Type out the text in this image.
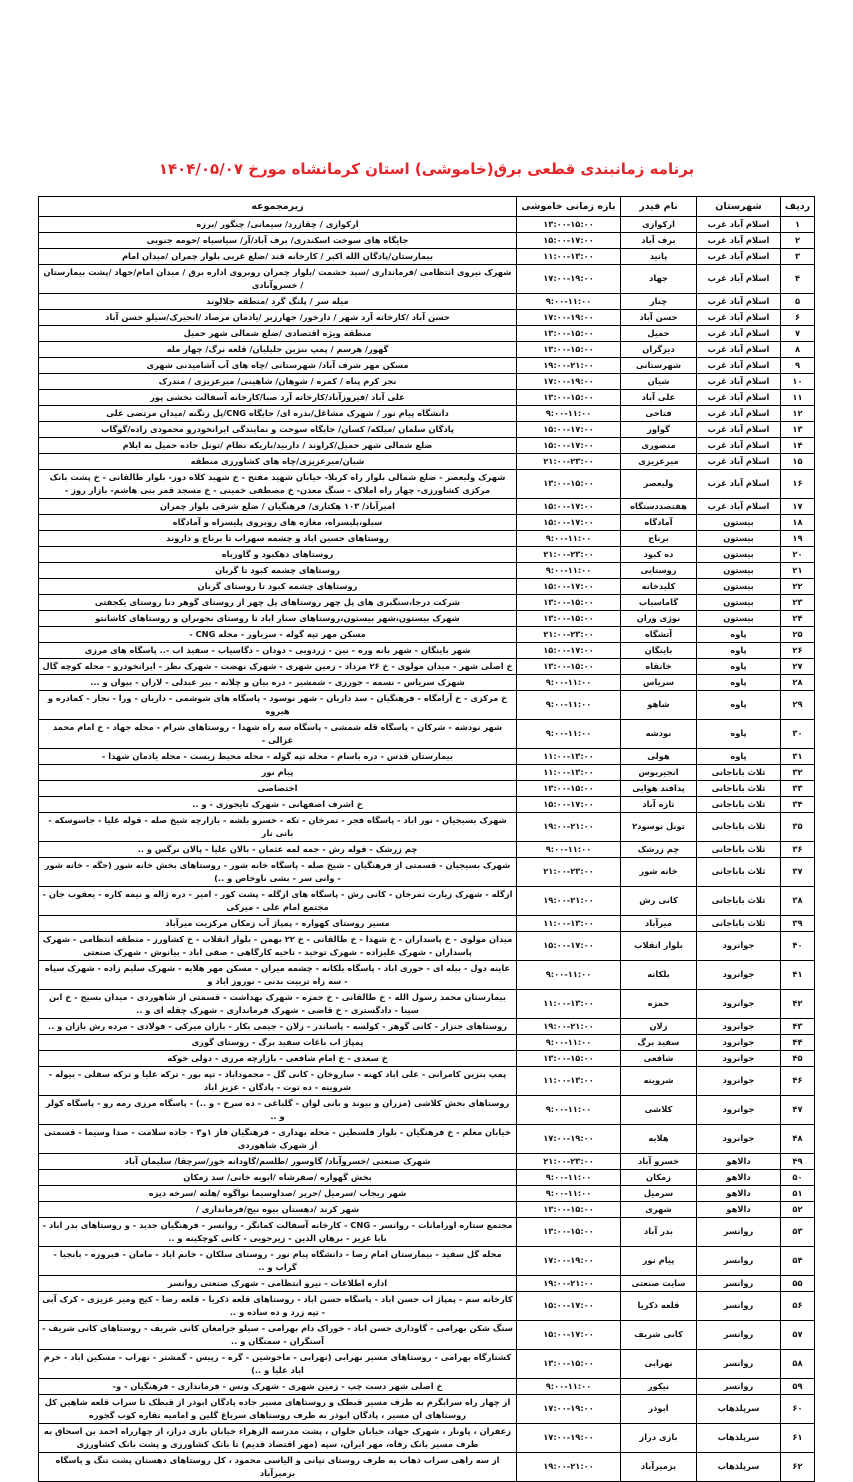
برنامه زمانبندی قطعی برق(خاموشی) استان کرمانشاه مورخ ۱۴۰۴/۰۵/۰۷
ردیف	شهرستان	نام فیدر	بازه زمانی خاموشی	زیرمجموعه
۱	اسلام آباد غرب	ارکوازی	۱۳:۰۰-۱۵:۰۰	ارکوازی / چقازرد/ سیمانی/ چنگور /برزه
۲	اسلام آباد غرب	برف آباد	۱۵:۰۰-۱۷:۰۰	جایگاه های سوخت اسکندری/ برف آباد/آر/ سیاسیاه /حومه جنوبی
۳	اسلام آباد غرب	پانید	۱۱:۰۰-۱۳:۰۰	بیمارستان/پادگان الله اکبر / کارخانه قند /ضلع غربی بلوار چمران /میدان امام
۴	اسلام آباد غرب	جهاد	۱۷:۰۰-۱۹:۰۰	شهرک نیروی انتظامی /فرمانداری /سید حشمت /بلوار چمران روبروی اداره برق / میدان امام/جهاد /پشت بیمارستان / خسروآبادی
۵	اسلام آباد غرب	چنار	۹:۰۰-۱۱:۰۰	میله سر / پلنگ گرد /منطقه جلالوند
۶	اسلام آباد غرب	حسن آباد	۱۷:۰۰-۱۹:۰۰	حسن آباد /کارخانه آرد شهر / دارخور/ جهارزبر /یادمان مرصاد /انجیرک/سیلو حسن آباد
۷	اسلام آباد غرب	حمیل	۱۳:۰۰-۱۵:۰۰	منطقه ویژه اقتصادی /ضلع شمالی شهر حمیل
۸	اسلام آباد غرب	دیزگران	۱۳:۰۰-۱۵:۰۰	گهور/ هرسم / پمپ بنزین جلیلیان/ قلعه نرگ/ چهار مله
۹	اسلام آباد غرب	شهرستانی	۱۹:۰۰-۲۱:۰۰	مسکن مهر شرف آباد/ شهرستانی /چاه های آب آشامیدنی شهری
۱۰	اسلام آباد غرب	شیان	۱۷:۰۰-۱۹:۰۰	نجر کرم پناه / کمره / شوهان/ شاهینی/ میرعزیزی / مندرک
۱۱	اسلام آباد غرب	علی آباد	۱۳:۰۰-۱۵:۰۰	علی آباد /فیروزآباد/کارخانه آرد صبا/کارخانه آسفالت بخشی پور
۱۲	اسلام آباد غرب	فتاحی	۹:۰۰-۱۱:۰۰	دانشگاه پیام نور / شهرک مشاغل/بدره ای/ جایگاه CNG/پل زنگنه /میدان مرتضی علی
۱۳	اسلام آباد غرب	گواور	۱۵:۰۰-۱۷:۰۰	پادگان سلمان /میلکه/ کسان/ جایگاه سوخت و نمایندگی ایرانخودرو محمودی زاده/گوگاب
۱۴	اسلام آباد غرب	منصوری	۱۵:۰۰-۱۷:۰۰	ضلع شمالی شهر حمیل/کراوند / داربید/باریکه نظام /تونل جاده حمیل به ایلام
۱۵	اسلام آباد غرب	میرعزیزی	۲۱:۰۰-۲۳:۰۰	شیان/میرعزیزی/چاه های کشاورزی منطقه
۱۶	اسلام آباد غرب	ولیعصر	۱۳:۰۰-۱۵:۰۰	شهرک ولیعصر - ضلع شمالی بلوار راه کربلا- خیابان شهید مفتح - خ شهید کلاه دوز- بلوار طالقانی - خ پشت بانک مرکزی کشاورزی- چهار راه املاک - سنگ معدن- خ مصطفی خمینی - خ مسجد قمر بنی هاشم- بازار روز -
۱۷	اسلام آباد غرب	هفتصددستگاه	۱۵:۰۰-۱۷:۰۰	امیرآباد/ ۱۰۳ هکتاری/ فرهنگیان / ضلع شرقی بلوار چمران
۱۸	بیستون	آمادگاه	۱۵:۰۰-۱۷:۰۰	سیلو،پلیسراه، مغازه های روبروی پلیسراه و آمادگاه
۱۹	بیستون	برناج	۹:۰۰-۱۱:۰۰	روستاهای حسین اباد و چشمه سهراب تا برناج و داروند
۲۰	بیستون	ده کبود	۲۱:۰۰-۲۳:۰۰	روستاهای دهکبود و گاورباه
۲۱	بیستون	روستایی	۹:۰۰-۱۱:۰۰	روستاهای چشمه کبود تا گربان
۲۲	بیستون	کلیدخانه	۱۵:۰۰-۱۷:۰۰	روستاهای چشمه کبود تا روستای گربان
۲۳	بیستون	گاماسیاب	۱۳:۰۰-۱۵:۰۰	شرکت درجا،سنگبری های پل چهر روستاهای پل چهر از روستای گوهر دنا روستای یکجفتی
۲۴	بیستون	نوژی وران	۱۳:۰۰-۱۵:۰۰	شهرک بیستون،شهر بیستون،روستاهای سنار اباد تا روستای نجوبران و روستاهای کاشانتو
۲۵	پاوه	آتشگاه	۲۱:۰۰-۲۳:۰۰	مسکن مهر تپه گوله - سرباور - محله CNG -
۲۶	پاوه	باینگان	۱۵:۰۰-۱۷:۰۰	شهر باینگان - شهر بانه وره - نین - زردویی - دودان - دگاسیاب - سفید اب -.. پاسگاه های مرزی
۲۷	پاوه	خانقاه	۱۳:۰۰-۱۵:۰۰	خ اصلی شهر - میدان مولوی - خ ۲۶ مرداد - زمین شهری - شهرک نهضت - شهرک نظر - ایرانخودرو - محله کوچه گال
۲۸	پاوه	سریاس	۹:۰۰-۱۱:۰۰	شهرک سریاس - نسمه - جورزی - شمشیر - دره بیان و چلانه - بیر عبدلی - لاران - بیوان و ...
۲۹	پاوه	شاهو	۹:۰۰-۱۱:۰۰	خ مرکزی - خ آرامگاه - فرهنگیان - سد داریان - شهر نوسود - پاسگاه های شوشمی - داریان - ورا - نجار - کمادره و هیروه
۳۰	پاوه	نودشه	۹:۰۰-۱۱:۰۰	شهر نودشه - شرکان - پاسگاه قله شمشی - پاسگاه سه راه شهدا - روستاهای شرام - محله جهاد - خ امام محمد غزالی -
۳۱	پاوه	هولی	۱۱:۰۰-۱۳:۰۰	بیمارستان قدس - دره باسام - محله تپه گوله - محله محیط زیست - محله یادمان شهدا -
۳۲	ثلاث باباجانی	انجیربوس	۱۱:۰۰-۱۳:۰۰	پیام نور
۳۳	ثلاث باباجانی	پدافند هوایی	۱۳:۰۰-۱۵:۰۰	اختصاصی
۳۴	ثلاث باباجانی	تازه آباد	۱۵:۰۰-۱۷:۰۰	خ اشرف اصفهانی - شهرک تایجوزی - و ..
۳۵	ثلاث باباجانی	تونل نوسود۲	۱۹:۰۰-۲۱:۰۰	شهرک بسیجیان - نور اباد - پاسگاه فجر - تمرخان - تکه - خسرو بلشه - بازارچه شیخ صله - قوله علیا - جاسوسکه - بانی نار
۳۶	ثلاث باباجانی	چم زرشک	۹:۰۰-۱۱:۰۰	چم زرشک - قوله رش - جمه لمه عثمان - بالان علیا - پالان نرگس و ..
۳۷	ثلاث باباجانی	خانه شور	۲۱:۰۰-۲۳:۰۰	شهرک بسیجیان - قسمتی از فرهنگیان - شیخ صله - پاسگاه خانه شور - روستاهای بخش خانه شور (جگه - خانه شور - وانی سر - بشی ناوخاص و ..)
۳۸	ثلاث باباجانی	کانی رش	۱۹:۰۰-۲۱:۰۰	ازگله - شهرک زیارت تمرخان - کانی رش - پاسگاه های ازگله - پشت کور - امیر - دره ژاله و نیمه کاره - یعقوب جان - مجتمع امام علی - میرکی
۳۹	ثلاث باباجانی	میرآباد	۱۱:۰۰-۱۳:۰۰	مسیر روستای کهواره - پمپاژ آب زمکان مرکزیت میرآباد
۴۰	جوانرود	بلوار انقلاب	۱۵:۰۰-۱۷:۰۰	میدان مولوی - خ پاسداران - خ شهدا - خ طالقانی - خ ۲۲ بهمن - بلوار انقلاب - خ کشاورز - منطقه انتظامی - شهرک پاسداران - شهرک علیزاده - شهرک توحید - ناحیه کارگاهی - صفی اباد - بیانوش - شهرک صنعتی
۴۱	جوانرود	بلکانه	۹:۰۰-۱۱:۰۰	عاینه دول - بیله ای - حوری اباد - پاسگاه بلکانه - چشمه میران - مسکن مهر هلایه - شهرک سلیم زاده - شهرک سپاه - سه راه تربیت بدنی - نوروز اباد و
۴۲	جوانرود	حمزه	۱۱:۰۰-۱۳:۰۰	بیمارستان محمد رسول الله - خ طالقانی - خ حمزه - شهرک بهداشت - قسمتی از شاهوردی - میدان بسیج - خ ابن سینا - دادگستری - خ قاضی - شهرک فرمانداری - شهرک چقله ای و ..
۴۳	جوانرود	زلان	۱۹:۰۰-۲۱:۰۰	روستاهای جنزار - کانی گوهر - کولسه - پاساندر - زلان - جیمی بکار - بازان میرکی - فولادی - مرده رش بازان و ..
۴۴	جوانرود	سفید برگ	۹:۰۰-۱۱:۰۰	پمپاژ اب باغات سفید برگ - روستای گوری
۴۵	جوانرود	شافعی	۱۳:۰۰-۱۵:۰۰	خ سعدی - خ امام شافعی - بازارچه مرزی - دولی خوکه
۴۶	جوانرود	شروینه	۱۱:۰۰-۱۳:۰۰	پمپ بنزین کامرانی - علی اباد کهنه - ساروخان - کانی گل - محموداباد - تپه بور - ترکه علیا و ترکه سفلی - بیوله - شروینه - ده توت - پادگان - عزیز اباد
۴۷	جوانرود	کلاشی	۹:۰۰-۱۱:۰۰	روستاهای بخش کلاشی (مزران و بیوند و بانی لوان - گلباغی - ده سرخ - و ..) - پاسگاه مرزی رمه رو - پاسگاه کولر و ..
۴۸	جوانرود	هلایه	۱۷:۰۰-۱۹:۰۰	خیابان معلم - خ فرهنگیان - بلوار فلسطین - محله بهداری - فرهنگیان فاز ۱و۳ - جاده سلامت - صدا وسیما - قسمتی از شهرک شاهوردی
۴۹	دالاهو	خسرو آباد	۲۱:۰۰-۲۳:۰۰	شهرک صنعتی /خسروآباد/ گاوسور /طلسم/گاودانه خور/سرچقا/ سلیمان آباد
۵۰	دالاهو	زمکان	۹:۰۰-۱۱:۰۰	بخش گهواره /صفرشاه /ابوبه خانی/ سد زمکان
۵۱	دالاهو	سرمیل	۹:۰۰-۱۱:۰۰	شهر ریجاب /سرمیل /حریر /صداوسیما نواگوه /هلته /سرخه دیزه
۵۲	دالاهو	شهری	۱۳:۰۰-۱۵:۰۰	شهر کرند /دهستان بیوه نیج/فرمانداری /
۵۳	روانسر	بدر آباد	۱۳:۰۰-۱۵:۰۰	مجتمع ستاره اورامانات - روانسر - CNG - کارخانه آسفالت کمانگر - روانسر - فرهنگیان جدید - و روستاهای بدر اباد - بابا عزیز - برهان الدین - زیرجویی - کانی کوچکینه و ..
۵۴	روانسر	پیام نور	۱۷:۰۰-۱۹:۰۰	محله گل سفید - بیمارستان امام رضا - دانشگاه پیام نور - روستای سلکان - خانم اباد - مامان - فیروزه - بانجیا - گراب و ..
۵۵	روانسر	سایت صنعتی	۱۹:۰۰-۲۱:۰۰	اداره اطلاعات - نیرو انتظامی - شهرک صنعتی روانسر
۵۶	روانسر	قلعه ذکریا	۱۵:۰۰-۱۷:۰۰	کارخانه سم - پمپاژ اب حسن اباد - پاسگاه حسن اباد - روستاهای قلعه ذکریا - قلعه رضا - کیج ومیر عزیزی - کرک آبی - تپه زرد و ده ساده و ..
۵۷	روانسر	کانی شریف	۱۵:۰۰-۱۷:۰۰	سنگ شکن بهرامی - گاوداری حسن اباد - خوراک دام بهرامی - سیلو جرامغان کانی شریف - روستاهای کانی شریف - آسنگران - سمنگان و ..
۵۸	روانسر	نهرابی	۱۳:۰۰-۱۵:۰۰	کشتارگاه بهرامی - روستاهای مسیر نهرابی (نهرابی - ماخوشین - گره - رپیس - گمشتر - نهراب - مسکین اباد - خرم اباد علیا و ..)
۵۹	روانسر	نیکور	۹:۰۰-۱۱:۰۰	خ اصلی شهر دست چپ - زمین شهری - شهرک ونس - فرمانداری - فرهنگیان - و-
۶۰	سرپلذهاب	ابوذر	۱۷:۰۰-۱۹:۰۰	از چهار راه سرابگرم به طرف مسیر قبطک و روستاهای مسیر جاده پادگان ابوذر از قبطک تا سراب قلعه شاهین کل روستاهای ان مسیر ، پادگان ابوذر به طرف روستاهای سریاغ گلین و امامیه نقاره کوب گجوره
۶۱	سرپلذهاب	بازی دراز	۱۷:۰۰-۱۹:۰۰	زعفران ، پاونار ، شهرک جهاد، خیابان حلوان ، پشت مدرسه الزهراء خیابان بازی دراز، از چهارراه احمد بن اسحاق به طرف مسیر بانک رفاه، مهر ایران، سپه (مهر اقتصاد قدیم) تا بانک کشاورزی و پشت بانک کشاورزی
۶۲	سرپلذهاب	بزمیرآباد	۱۹:۰۰-۲۱:۰۰	از سه راهی سراب ذهاب به طرف روستای تپانی و الیاسی محمود ، کل روستاهای دهستان پشت تنگ و پاسگاه بزمیرآباد
